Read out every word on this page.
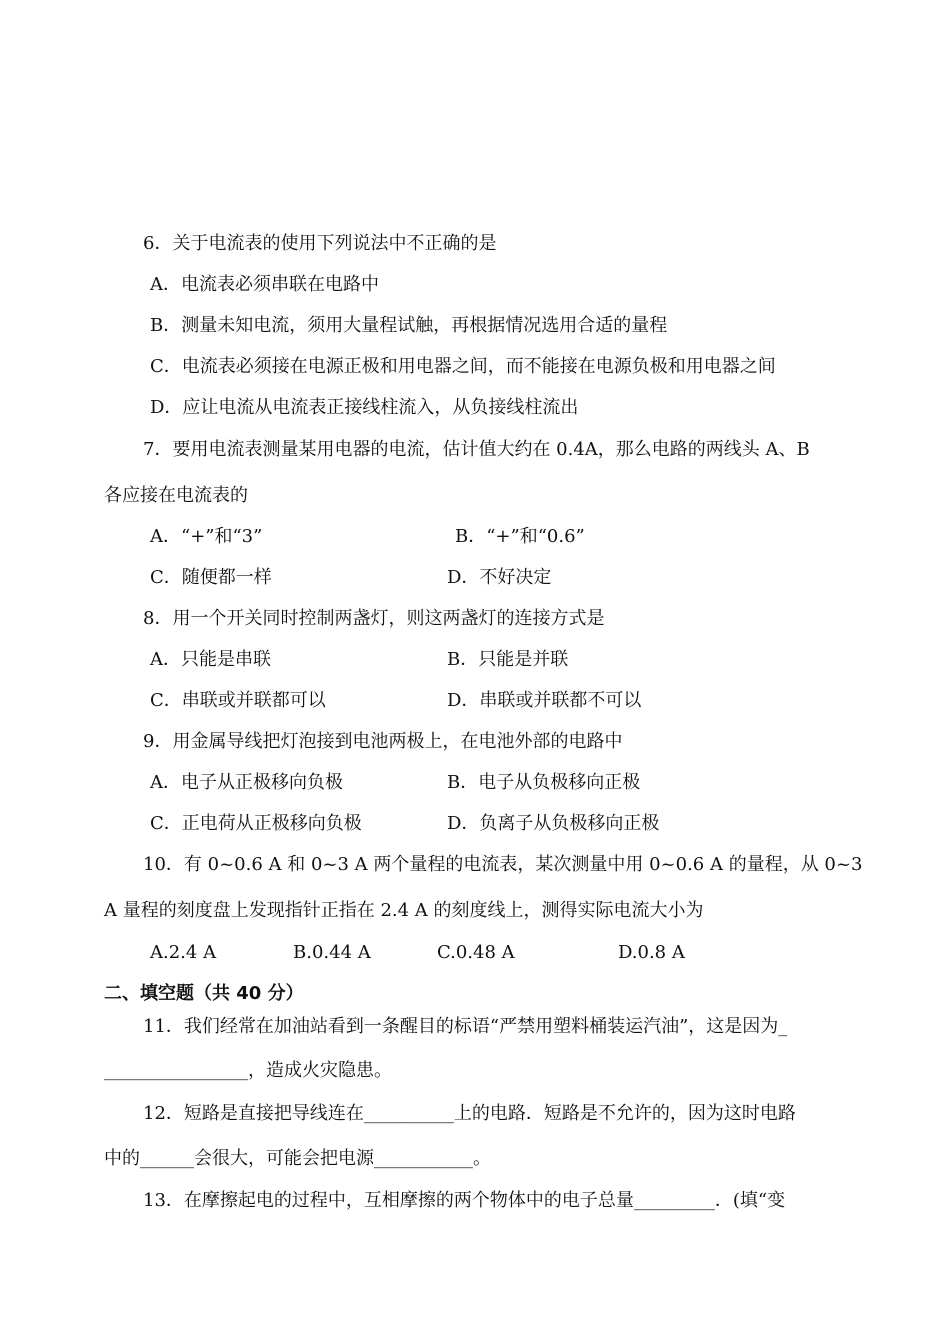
6．关于电流表的使用下列说法中不正确的是
A．电流表必须串联在电路中
B．测量未知电流，须用大量程试触，再根据情况选用合适的量程
C．电流表必须接在电源正极和用电器之间，而不能接在电源负极和用电器之间
D．应让电流从电流表正接线柱流入，从负接线柱流出
7．要用电流表测量某用电器的电流，估计值大约在 0.4A，那么电路的两线头 A、B
各应接在电流表的
A．“+”和“3”	B．“+”和“0.6”
C．随便都一样	D．不好决定
8．用一个开关同时控制两盏灯，则这两盏灯的连接方式是
A．只能是串联	B．只能是并联
C．串联或并联都可以	D．串联或并联都不可以
9．用金属导线把灯泡接到电池两极上，在电池外部的电路中
A．电子从正极移向负极	B．电子从负极移向正极
C．正电荷从正极移向负极	D．负离子从负极移向正极
10．有 0~0.6 A 和 0~3 A 两个量程的电流表，某次测量中用 0~0.6 A 的量程，从 0~3
A 量程的刻度盘上发现指针正指在 2.4 A 的刻度线上，测得实际电流大小为
A.2.4 A	B.0.44 A	C.0.48 A	D.0.8 A
二、填空题（共 40 分）
11．我们经常在加油站看到一条醒目的标语“严禁用塑料桶装运汽油”，这是因为_
________________，造成火灾隐患。
12．短路是直接把导线连在__________上的电路．短路是不允许的，因为这时电路
中的______会很大，可能会把电源___________。
13．在摩擦起电的过程中，互相摩擦的两个物体中的电子总量_________．(填“变
